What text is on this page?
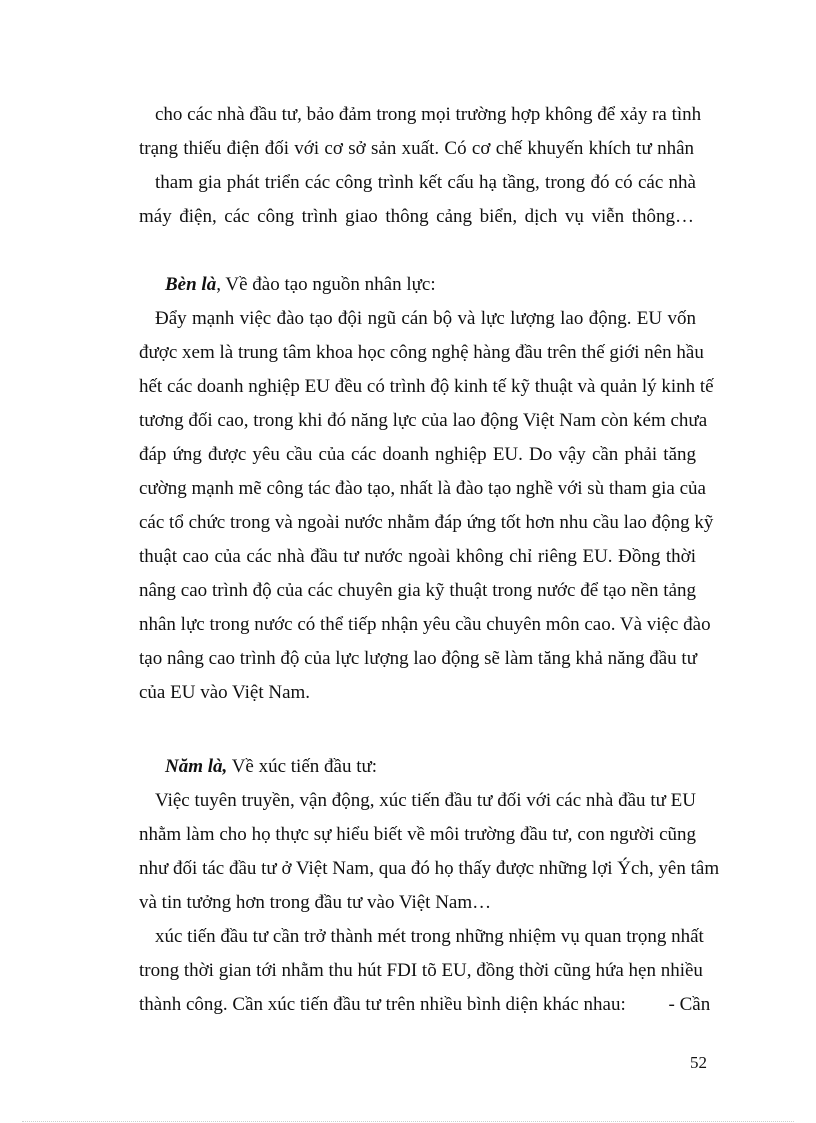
cho các nhà đầu tư, bảo đảm trong mọi trường hợp không để xảy ra tình
trạng thiếu điện đối với cơ sở sản xuất. Có cơ chế khuyến khích tư nhân
tham gia phát triển các công trình kết cấu hạ tầng, trong đó có các nhà
máy điện, các công trình giao thông cảng biển, dịch vụ viễn thông…
Bèn là, Về đào tạo nguồn nhân lực:
Đẩy mạnh việc đào tạo đội ngũ cán bộ và lực lượng lao động. EU vốn
được xem là trung tâm khoa học công nghệ hàng đầu trên thế giới nên hầu
hết các doanh nghiệp EU đều có trình độ kinh tế kỹ thuật và quản lý kinh tế
tương đối cao, trong khi đó năng lực của lao động Việt Nam còn kém chưa
đáp ứng được yêu cầu của các doanh nghiệp EU. Do vậy cần phải tăng
cường mạnh mẽ công tác đào tạo, nhất là đào tạo nghề với sù tham gia của
các tổ chức trong và ngoài nước nhằm đáp ứng tốt hơn nhu cầu lao động kỹ
thuật cao của các nhà đầu tư nước ngoài không chỉ riêng EU. Đồng thời
nâng cao trình độ của các chuyên gia kỹ thuật trong nước để tạo nền tảng
nhân lực trong nước có thể tiếp nhận yêu cầu chuyên môn cao. Và việc đào
tạo nâng cao trình độ của lực lượng lao động sẽ làm tăng khả năng đầu tư
của EU vào Việt Nam.
Năm là, Về xúc tiến đầu tư:
Việc tuyên truyền, vận động, xúc tiến đầu tư đối với các nhà đầu tư EU
nhằm làm cho họ thực sự hiểu biết về môi trường đầu tư, con người cũng
như đối tác đầu tư ở Việt Nam, qua đó họ thấy được những lợi Ých, yên tâm
và tin tưởng hơn trong đầu tư vào Việt Nam…
xúc tiến đầu tư cần trở thành mét trong những nhiệm vụ quan trọng nhất
trong thời gian tới nhằm thu hút FDI tõ EU, đồng thời cũng hứa hẹn nhiều
thành công. Cần xúc tiến đầu tư trên nhiều bình diện khác nhau:         - Cần
52
